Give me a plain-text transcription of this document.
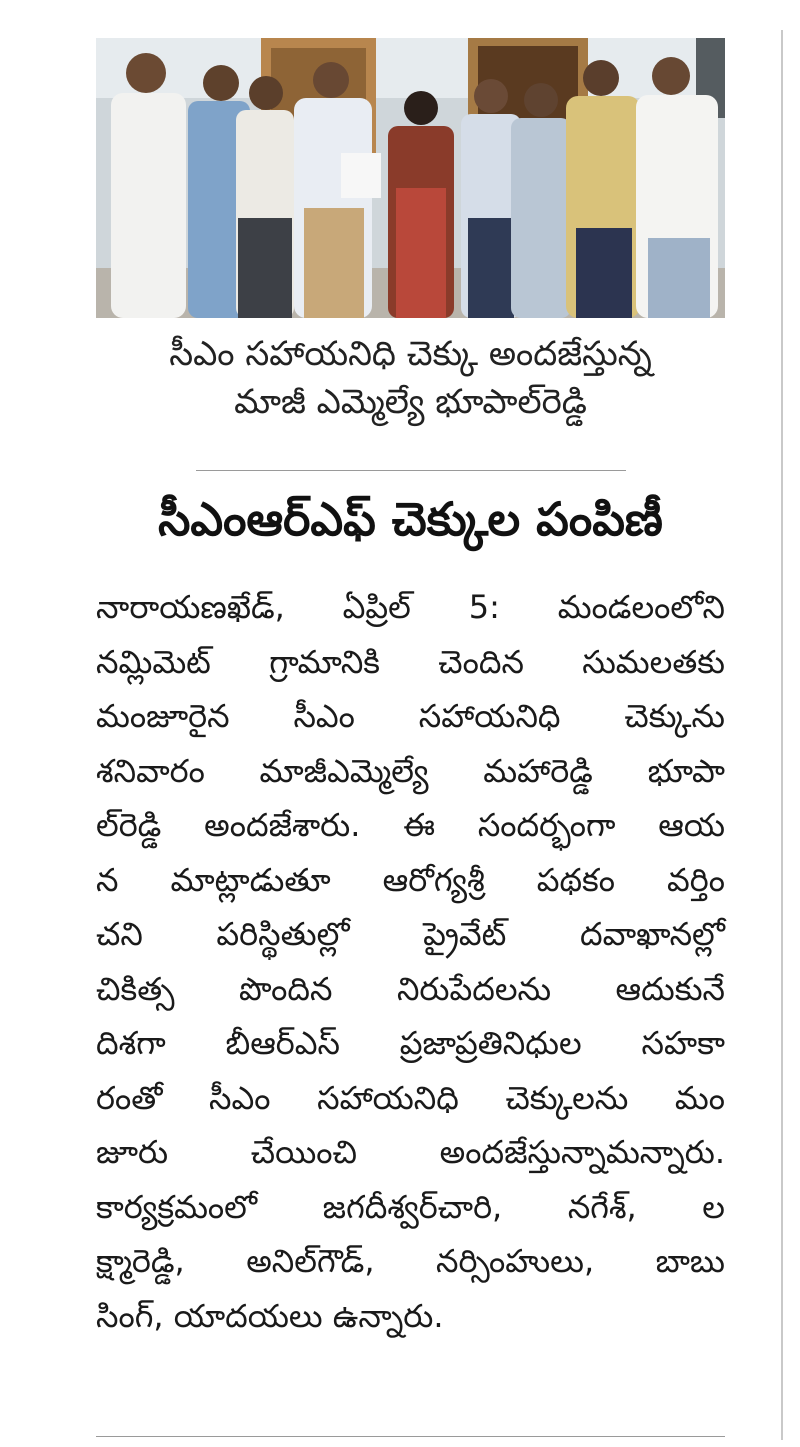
సీఎం సహాయనిధి చెక్కు అందజేస్తున్న
మాజీ ఎమ్మెల్యే భూపాల్‌రెడ్డి
సీఎంఆర్‌ఎఫ్ చెక్కుల పంపిణీ
నారాయణఖేడ్, ఏప్రిల్ 5: మండలంలోని
నమ్లిమెట్ గ్రామానికి చెందిన సుమలతకు
మంజూరైన సీఎం సహాయనిధి చెక్కును
శనివారం మాజీఎమ్మెల్యే మహారెడ్డి భూపా
ల్‌రెడ్డి అందజేశారు. ఈ సందర్భంగా ఆయ
న మాట్లాడుతూ ఆరోగ్యశ్రీ పథకం వర్తిం
చని పరిస్థితుల్లో ప్రైవేట్ దవాఖానల్లో
చికిత్స పొందిన నిరుపేదలను ఆదుకునే
దిశగా బీఆర్‌ఎస్ ప్రజాప్రతినిధుల సహకా
రంతో సీఎం సహాయనిధి చెక్కులను మం
జూరు చేయించి అందజేస్తున్నామన్నారు.
కార్యక్రమంలో జగదీశ్వర్‌చారి, నగేశ్, ల
క్ష్మారెడ్డి, అనిల్‌గౌడ్, నర్సింహులు, బాబు
సింగ్, యాదయలు ఉన్నారు.
